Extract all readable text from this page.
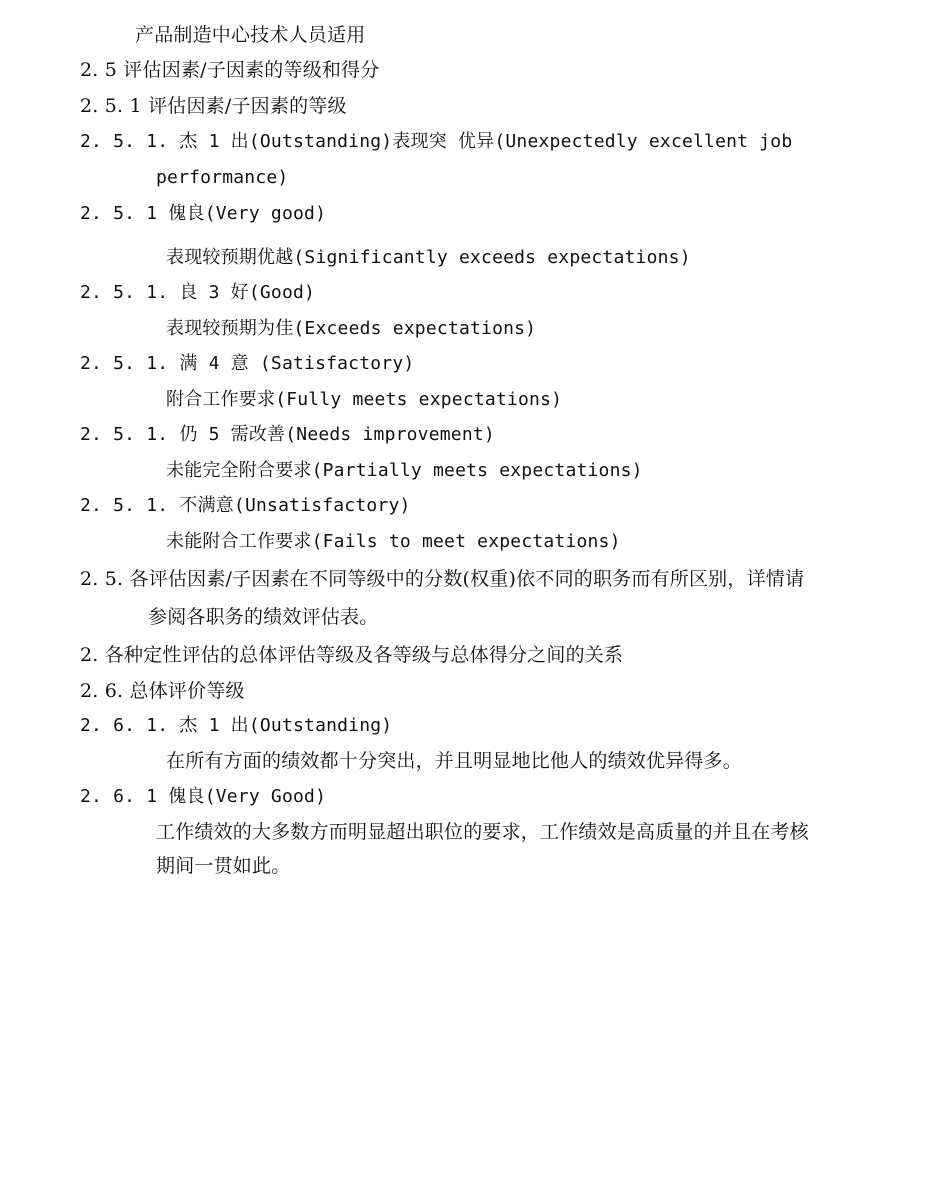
产品制造中心技术人员适用
2. 5 评估因素/子因素的等级和得分
2. 5. 1 评估因素/子因素的等级
2. 5. 1. 杰 1 出(Outstanding)表现突 优异(Unexpectedly excellent job
performance)
2. 5. 1 傀良(Very good)
表现较预期优越(Significantly exceeds expectations)
2. 5. 1. 良 3 好(Good)
表现较预期为佳(Exceeds expectations)
2. 5. 1. 满 4 意 (Satisfactory)
附合工作要求(Fully meets expectations)
2. 5. 1. 仍 5 需改善(Needs improvement)
未能完全附合要求(Partially meets expectations)
2. 5. 1. 不满意(Unsatisfactory)
未能附合工作要求(Fails to meet expectations)
2. 5. 各评估因素/子因素在不同等级中的分数(权重)依不同的职务而有所区别，详情请
参阅各职务的绩效评估表。
2. 各种定性评估的总体评估等级及各等级与总体得分之间的关系
2. 6. 总体评价等级
2. 6. 1. 杰 1 出(Outstanding)
在所有方面的绩效都十分突出，并且明显地比他人的绩效优异得多。
2. 6. 1 傀良(Very Good)
工作绩效的大多数方而明显超出职位的要求，工作绩效是高质量的并且在考核
期间一贯如此。
